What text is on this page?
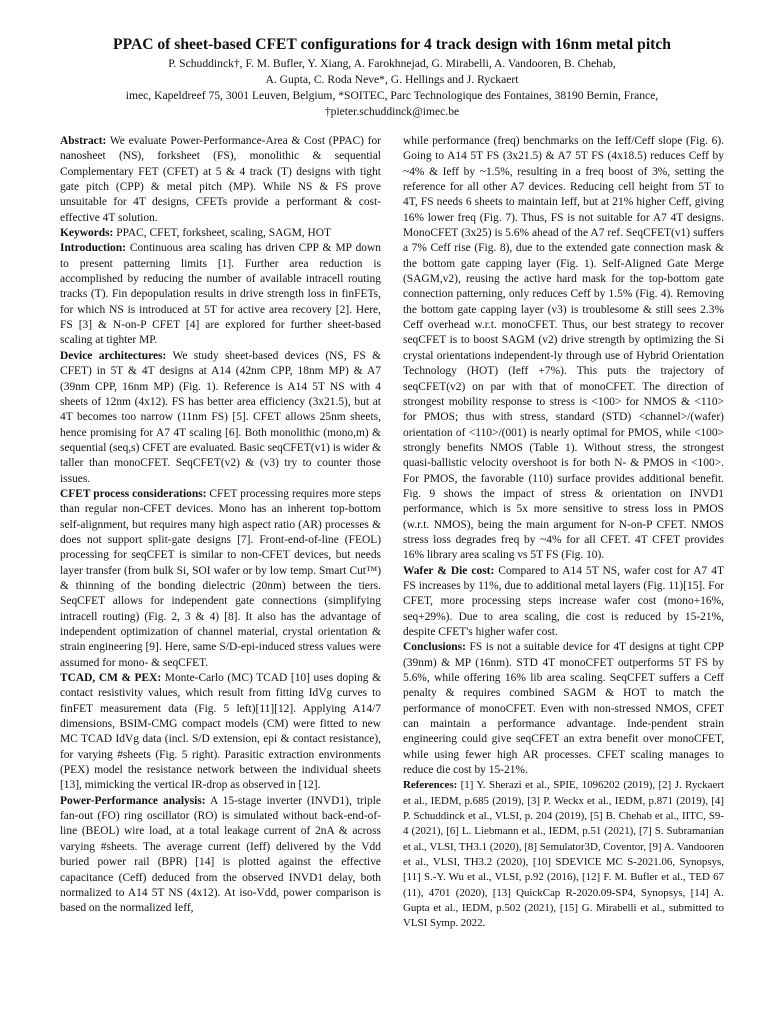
PPAC of sheet-based CFET configurations for 4 track design with 16nm metal pitch
P. Schuddinck†, F. M. Bufler, Y. Xiang, A. Farokhnejad, G. Mirabelli, A. Vandooren, B. Chehab,
A. Gupta, C. Roda Neve*, G. Hellings and J. Ryckaert
imec, Kapeldreef 75, 3001 Leuven, Belgium, *SOITEC, Parc Technologique des Fontaines, 38190 Bernin, France,
†pieter.schuddinck@imec.be

Abstract: We evaluate Power-Performance-Area & Cost (PPAC) for nanosheet (NS), forksheet (FS), monolithic & sequential Complementary FET (CFET) at 5 & 4 track (T) designs with tight gate pitch (CPP) & metal pitch (MP). While NS & FS prove unsuitable for 4T designs, CFETs provide a performant & cost-effective 4T solution.

Keywords: PPAC, CFET, forksheet, scaling, SAGM, HOT

Introduction: Continuous area scaling has driven CPP & MP down to present patterning limits [1]. Further area reduction is accomplished by reducing the number of available intracell routing tracks (T). Fin depopulation results in drive strength loss in finFETs, for which NS is introduced at 5T for active area recovery [2]. Here, FS [3] & N-on-P CFET [4] are explored for further sheet-based scaling at tighter MP.

Device architectures: We study sheet-based devices (NS, FS & CFET) in 5T & 4T designs at A14 (42nm CPP, 18nm MP) & A7 (39nm CPP, 16nm MP) (Fig. 1). Reference is A14 5T NS with 4 sheets of 12nm (4x12). FS has better area efficiency (3x21.5), but at 4T becomes too narrow (11nm FS) [5]. CFET allows 25nm sheets, hence promising for A7 4T scaling [6]. Both monolithic (mono,m) & sequential (seq,s) CFET are evaluated. Basic seqCFET(v1) is wider & taller than monoCFET. SeqCFET(v2) & (v3) try to counter those issues.

CFET process considerations: CFET processing requires more steps than regular non-CFET devices. Mono has an inherent top-bottom self-alignment, but requires many high aspect ratio (AR) processes & does not support split-gate designs [7]. Front-end-of-line (FEOL) processing for seqCFET is similar to non-CFET devices, but needs layer transfer (from bulk Si, SOI wafer or by low temp. Smart Cut™) & thinning of the bonding dielectric (20nm) between the tiers. SeqCFET allows for independent gate connections (simplifying intracell routing) (Fig. 2, 3 & 4) [8]. It also has the advantage of independent optimization of channel material, crystal orientation & strain engineering [9]. Here, same S/D-epi-induced stress values were assumed for mono- & seqCFET.

TCAD, CM & PEX: Monte-Carlo (MC) TCAD [10] uses doping & contact resistivity values, which result from fitting IdVg curves to finFET measurement data (Fig. 5 left)[11][12]. Applying A14/7 dimensions, BSIM-CMG compact models (CM) were fitted to new MC TCAD IdVg data (incl. S/D extension, epi & contact resistance), for varying #sheets (Fig. 5 right). Parasitic extraction environments (PEX) model the resistance network between the individual sheets [13], mimicking the vertical IR-drop as observed in [12].

Power-Performance analysis: A 15-stage inverter (INVD1), triple fan-out (FO) ring oscillator (RO) is simulated without back-end-of-line (BEOL) wire load, at a total leakage current of 2nA & across varying #sheets. The average current (Ieff) delivered by the Vdd buried power rail (BPR) [14] is plotted against the effective capacitance (Ceff) deduced from the observed INVD1 delay, both normalized to A14 5T NS (4x12). At iso-Vdd, power comparison is based on the normalized Ieff,

while performance (freq) benchmarks on the Ieff/Ceff slope (Fig. 6). Going to A14 5T FS (3x21.5) & A7 5T FS (4x18.5) reduces Ceff by ~4% & Ieff by ~1.5%, resulting in a freq boost of 3%, setting the reference for all other A7 devices. Reducing cell height from 5T to 4T, FS needs 6 sheets to maintain Ieff, but at 21% higher Ceff, giving 16% lower freq (Fig. 7). Thus, FS is not suitable for A7 4T designs. MonoCFET (3x25) is 5.6% ahead of the A7 ref. SeqCFET(v1) suffers a 7% Ceff rise (Fig. 8), due to the extended gate connection mask & the bottom gate capping layer (Fig. 1). Self-Aligned Gate Merge (SAGM,v2), reusing the active hard mask for the top-bottom gate connection patterning, only reduces Ceff by 1.5% (Fig. 4). Removing the bottom gate capping layer (v3) is troublesome & still sees 2.3% Ceff overhead w.r.t. monoCFET. Thus, our best strategy to recover seqCFET is to boost SAGM (v2) drive strength by optimizing the Si crystal orientations independent-ly through use of Hybrid Orientation Technology (HOT) (Ieff +7%). This puts the trajectory of seqCFET(v2) on par with that of monoCFET. The direction of strongest mobility response to stress is <100> for NMOS & <110> for PMOS; thus with stress, standard (STD) <channel>/(wafer) orientation of <110>/(001) is nearly optimal for PMOS, while <100> strongly benefits NMOS (Table 1). Without stress, the strongest quasi-ballistic velocity overshoot is for both N- & PMOS in <100>. For PMOS, the favorable (110) surface provides additional benefit. Fig. 9 shows the impact of stress & orientation on INVD1 performance, which is 5x more sensitive to stress loss in PMOS (w.r.t. NMOS), being the main argument for N-on-P CFET. NMOS stress loss degrades freq by ~4% for all CFET. 4T CFET provides 16% library area scaling vs 5T FS (Fig. 10).

Wafer & Die cost: Compared to A14 5T NS, wafer cost for A7 4T FS increases by 11%, due to additional metal layers (Fig. 11)[15]. For CFET, more processing steps increase wafer cost (mono+16%, seq+29%). Due to area scaling, die cost is reduced by 15-21%, despite CFET's higher wafer cost.

Conclusions: FS is not a suitable device for 4T designs at tight CPP (39nm) & MP (16nm). STD 4T monoCFET outperforms 5T FS by 5.6%, while offering 16% lib area scaling. SeqCFET suffers a Ceff penalty & requires combined SAGM & HOT to match the performance of monoCFET. Even with non-stressed NMOS, CFET can maintain a performance advantage. Inde-pendent strain engineering could give seqCFET an extra benefit over monoCFET, while using fewer high AR processes. CFET scaling manages to reduce die cost by 15-21%.

References: [1] Y. Sherazi et al., SPIE, 1096202 (2019), [2] J. Ryckaert et al., IEDM, p.685 (2019), [3] P. Weckx et al., IEDM, p.871 (2019), [4] P. Schuddinck et al., VLSI, p. 204 (2019), [5] B. Chehab et al., IITC, S9-4 (2021), [6] L. Liebmann et al., IEDM, p.51 (2021), [7] S. Subramanian et al., VLSI, TH3.1 (2020), [8] Semulator3D, Coventor, [9] A. Vandooren et al., VLSI, TH3.2 (2020), [10] SDEVICE MC S-2021.06, Synopsys, [11] S.-Y. Wu et al., VLSI, p.92 (2016), [12] F. M. Bufler et al., TED 67 (11), 4701 (2020), [13] QuickCap R-2020.09-SP4, Synopsys, [14] A. Gupta et al., IEDM, p.502 (2021), [15] G. Mirabelli et al., submitted to VLSI Symp. 2022.
